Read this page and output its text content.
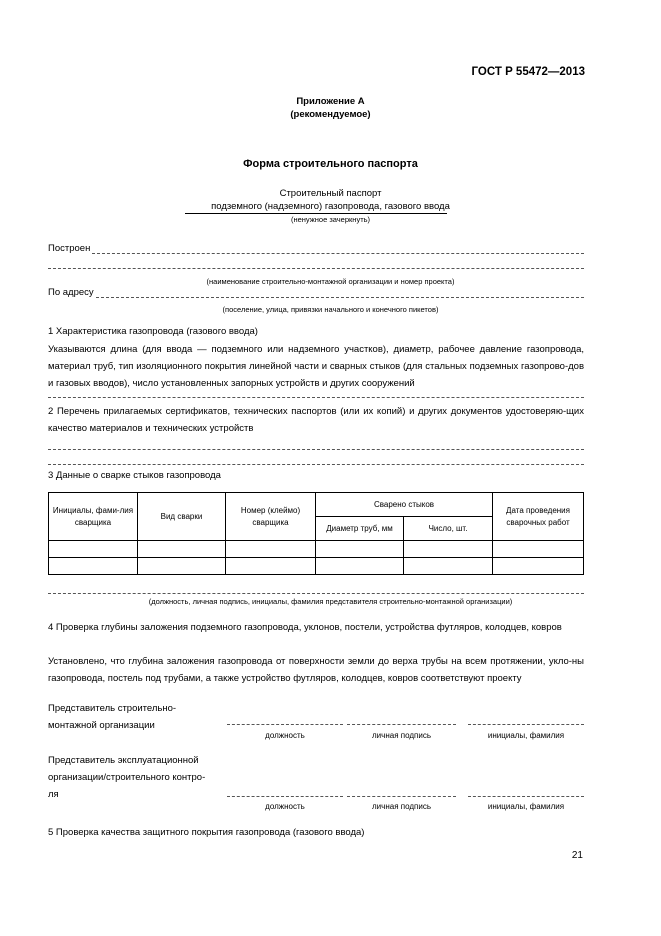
ГОСТ Р 55472—2013
Приложение А
(рекомендуемое)
Форма строительного паспорта
Строительный паспорт
подземного (надземного) газопровода, газового ввода
(ненужное зачеркнуть)
Построен
(наименование строительно-монтажной организации и номер проекта)
По адресу
(поселение, улица, привязки начального и конечного пикетов)
1 Характеристика газопровода (газового ввода)
Указываются длина (для ввода — подземного или надземного участков), диаметр, рабочее давление газопровода, материал труб, тип изоляционного покрытия линейной части и сварных стыков (для стальных подземных газопрово-дов и газовых вводов), число установленных запорных устройств и других сооружений
2 Перечень прилагаемых сертификатов, технических паспортов (или их копий) и других документов удостоверяю-щих качество материалов и технических устройств
3 Данные о сварке стыков газопровода
Инициалы, фами-лия сварщика	Вид сварки	Номер (клеймо) сварщика	Сварено стыков		Дата проведения сварочных работ
			Диаметр труб, мм	Число, шт.	

(должность, личная подпись, инициалы, фамилия представителя строительно-монтажной организации)
4 Проверка глубины заложения подземного газопровода, уклонов, постели, устройства футляров, колодцев, ковров
Установлено, что глубина заложения газопровода от поверхности земли до верха трубы на всем протяжении, укло-ны газопровода, постель под трубами, а также устройство футляров, колодцев, ковров соответствуют проекту
Представитель строительно-
монтажной организации
должность	личная подпись	инициалы, фамилия
Представитель эксплуатационной
организации/строительного контро-
ля
должность	личная подпись	инициалы, фамилия
5 Проверка качества защитного покрытия газопровода (газового ввода)
21
